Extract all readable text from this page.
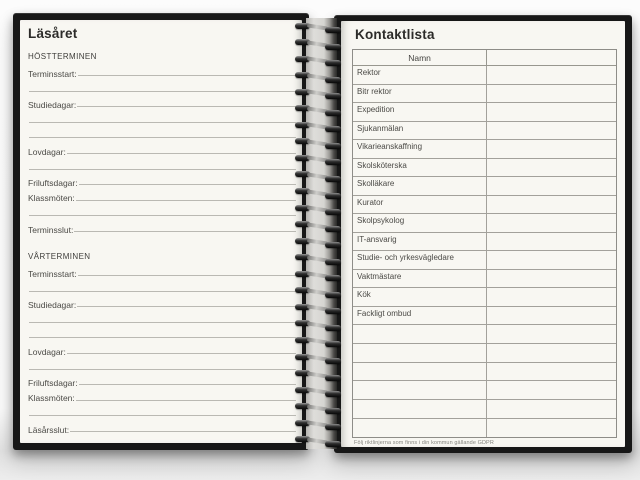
Läsåret
HÖSTTERMINEN
Terminsstart:
Studiedagar:
Lovdagar:
Friluftsdagar:
Klassmöten:
Terminsslut:
VÅRTERMINEN
Terminsstart:
Studiedagar:
Lovdagar:
Friluftsdagar:
Klassmöten:
Läsårsslut:
Kontaktlista
Namn
Rektor
Bitr rektor
Expedition
Sjukanmälan
Vikarieanskaffning
Skolsköterska
Skolläkare
Kurator
Skolpsykolog
IT-ansvarig
Studie- och yrkesvägledare
Vaktmästare
Kök
Fackligt ombud
Följ riktlinjerna som finns i din kommun gällande GDPR
